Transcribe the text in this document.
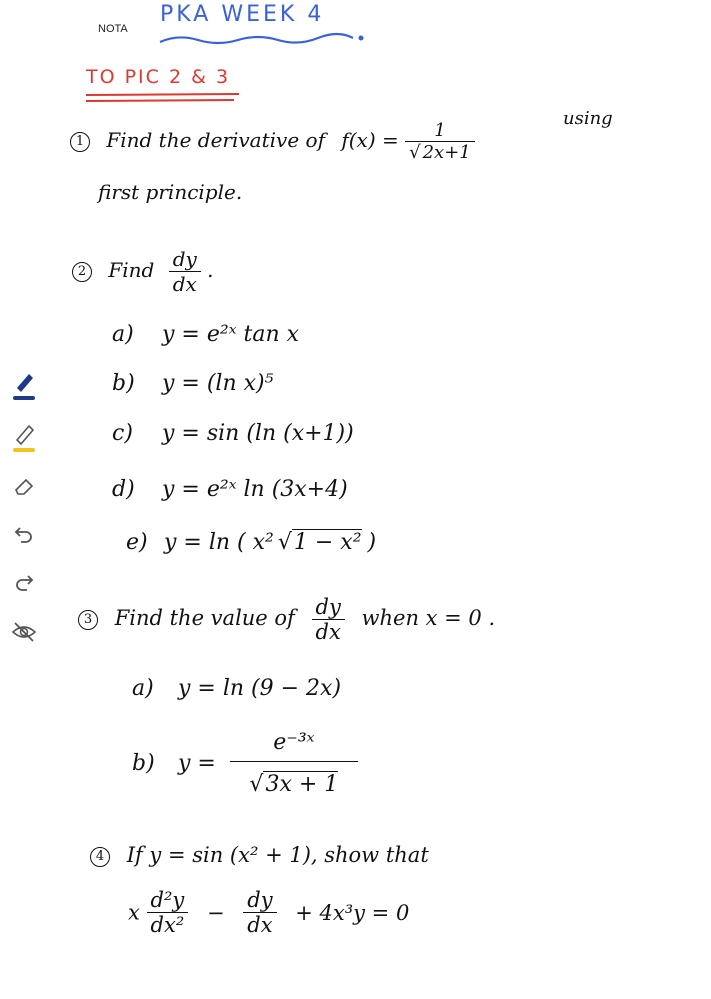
NOTA
PKA WEEK 4
TO PIC 2 & 3
1 Find the derivative of $f(x) = \frac{1}{√ 2x+1}$
using
first principle.
2 Find $\frac{dy}{dx}$ .
a) y = e²ˣ tan x
b) y = (ln x)⁵
c) y = sin (ln (x+1))
d) y = e²ˣ ln (3x+4)
e) y = ln ( x² √1 − x² )
3 Find the value of $\frac{dy}{dx}$ when x = 0 .
a) y = ln (9 − 2x)
b) $y = \frac{\text{e⁻³ˣ}}{√3x + 1}$
4 If y = sin (x² + 1), show that
x $\frac{\text{d²y}}{\text{dx²}} - \frac{dy}{dx} + 4x^3y = 0$
